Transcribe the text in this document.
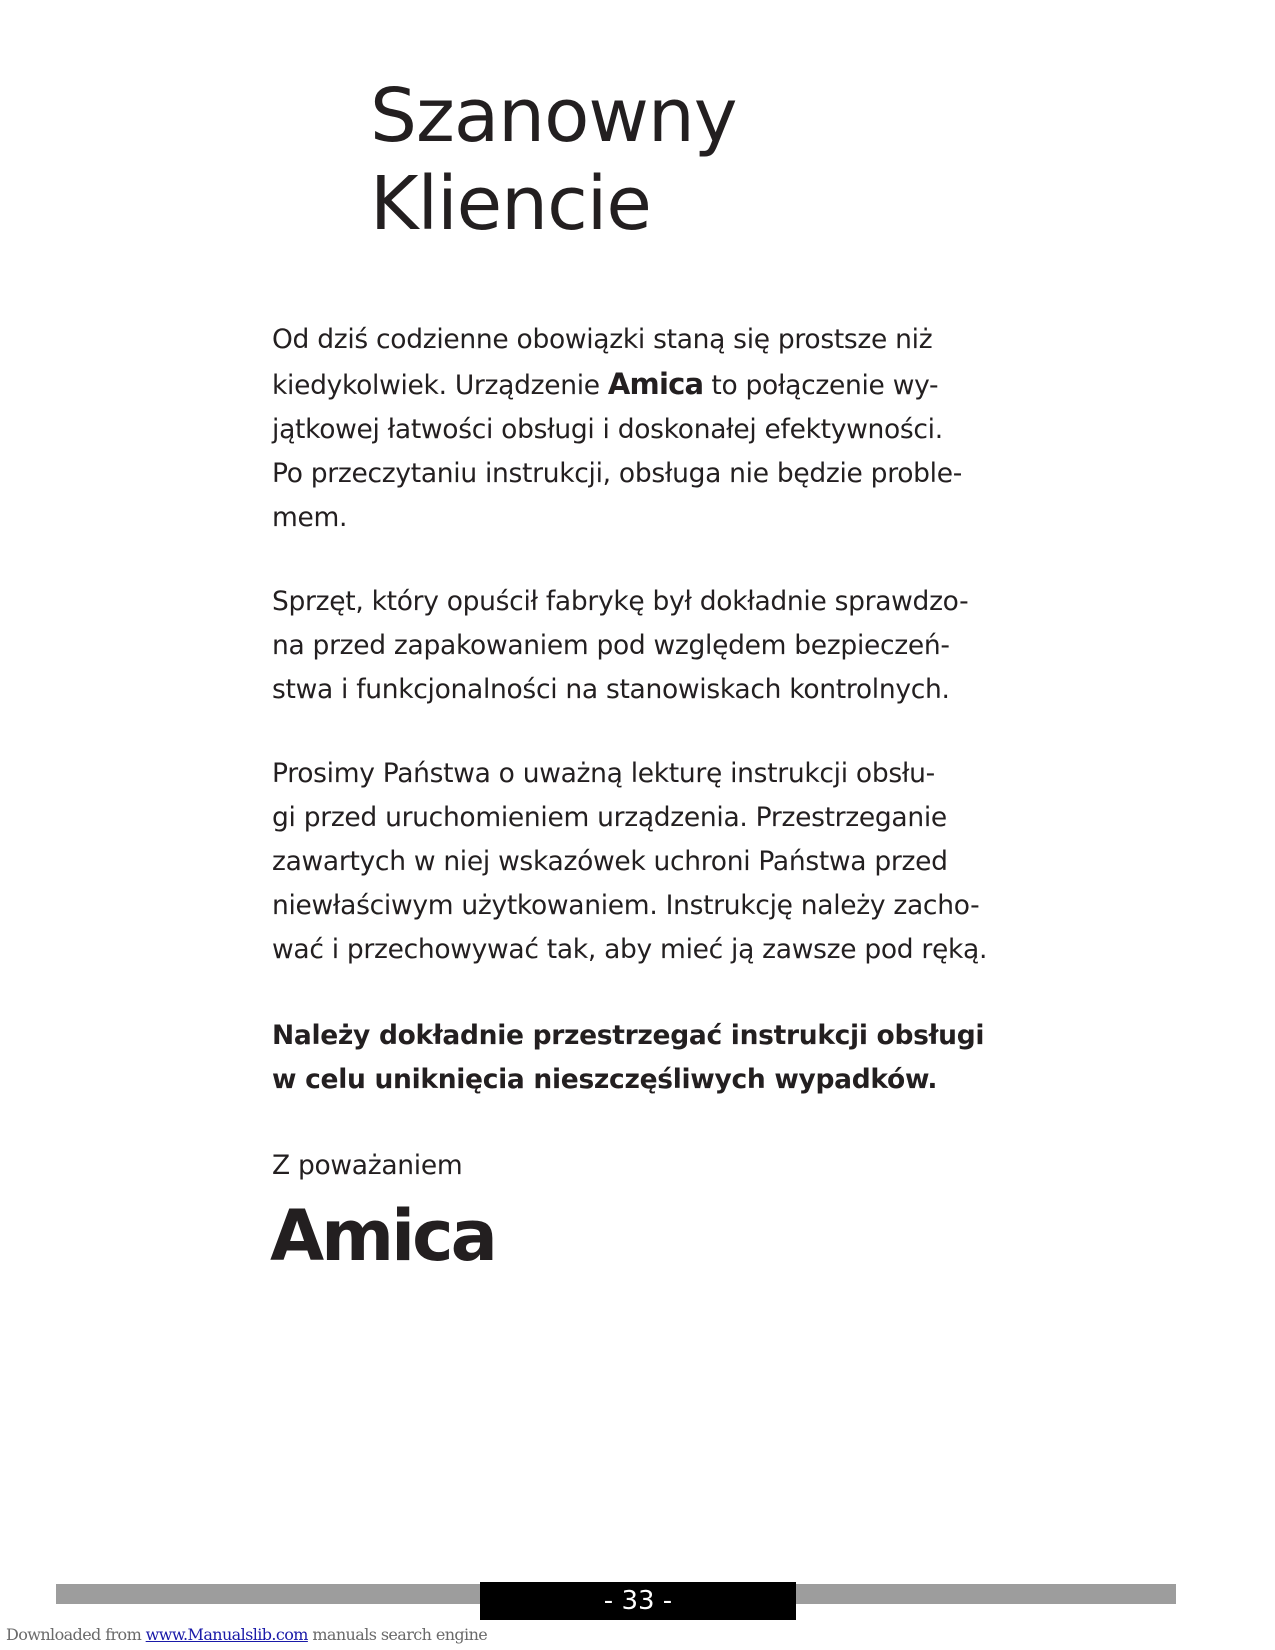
Szanowny
Kliencie
Od dziś codzienne obowiązki staną się prostsze niż
kiedykolwiek. Urządzenie Amica to połączenie wy-
jątkowej łatwości obsługi i doskonałej efektywności.
Po przeczytaniu instrukcji, obsługa nie będzie proble-
mem.
Sprzęt, który opuścił fabrykę był dokładnie sprawdzo-
na przed zapakowaniem pod względem bezpieczeń-
stwa i funkcjonalności na stanowiskach kontrolnych.
Prosimy Państwa o uważną lekturę instrukcji obsłu-
gi przed uruchomieniem urządzenia. Przestrzeganie
zawartych w niej wskazówek uchroni Państwa przed
niewłaściwym użytkowaniem. Instrukcję należy zacho-
wać i przechowywać tak, aby mieć ją zawsze pod ręką.
Należy dokładnie przestrzegać instrukcji obsługi
w celu uniknięcia nieszczęśliwych wypadków.
Z poważaniem
Amica
- 33 -
Downloaded from www.Manualslib.com manuals search engine
